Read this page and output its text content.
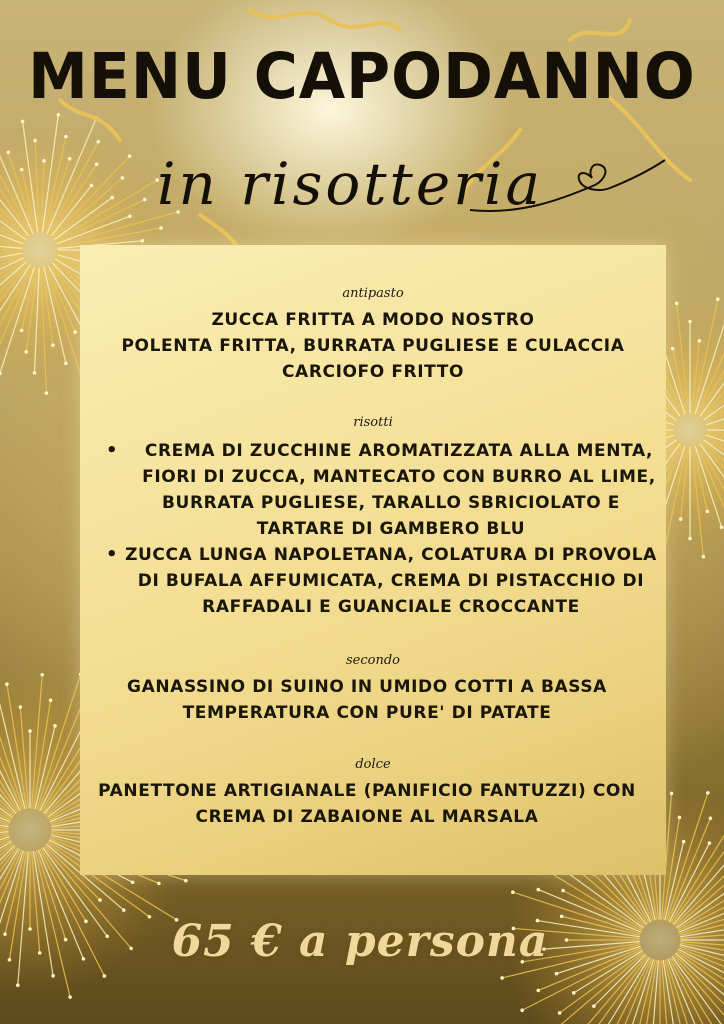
MENU CAPODANNO
in risotteria
antipasto
ZUCCA FRITTA A MODO NOSTRO
POLENTA FRITTA, BURRATA PUGLIESE E CULACCIA
CARCIOFO FRITTO
risotti
•	CREMA DI ZUCCHINE AROMATIZZATA ALLA MENTA,
FIORI DI ZUCCA, MANTECATO CON BURRO AL LIME,
BURRATA PUGLIESE, TARALLO SBRICIOLATO E
TARTARE DI GAMBERO BLU
• ZUCCA LUNGA NAPOLETANA, COLATURA DI PROVOLA
DI BUFALA AFFUMICATA, CREMA DI PISTACCHIO DI
RAFFADALI E GUANCIALE CROCCANTE
secondo
GANASSINO DI SUINO IN UMIDO COTTI A BASSA
TEMPERATURA CON PURE' DI PATATE
dolce
PANETTONE ARTIGIANALE (PANIFICIO FANTUZZI) CON
CREMA DI ZABAIONE AL MARSALA
65 € a persona
